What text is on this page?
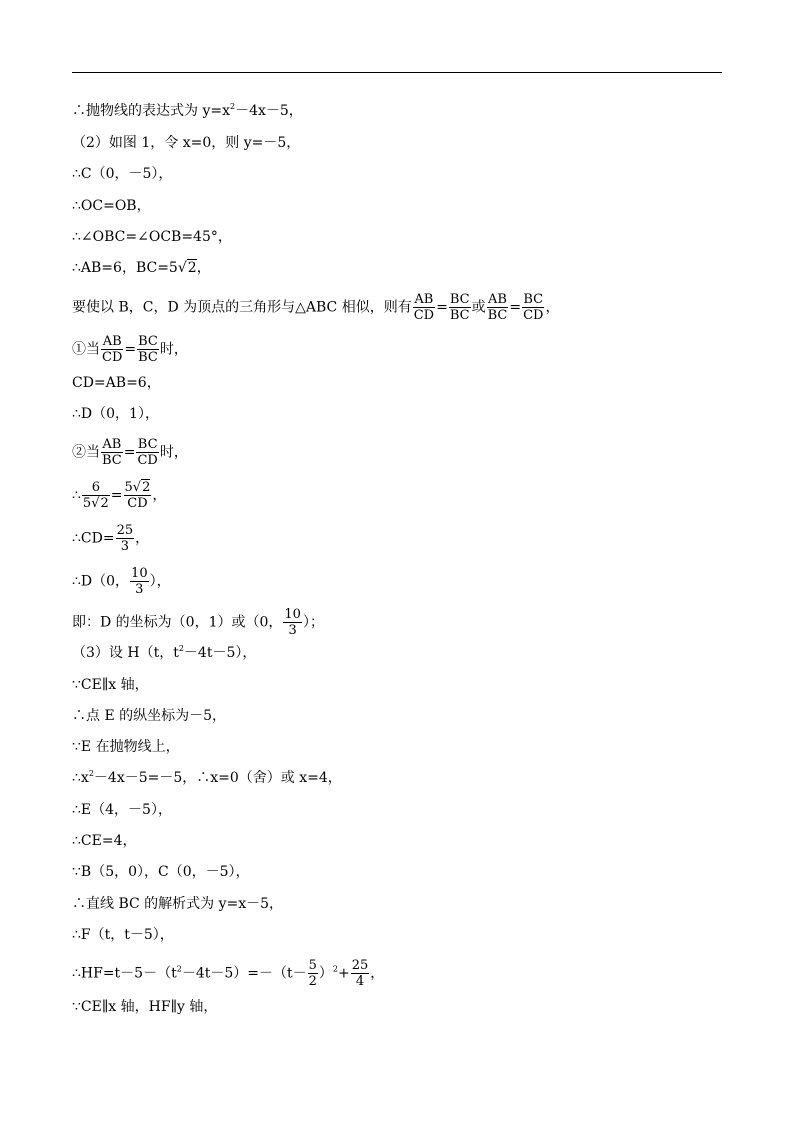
∴抛物线的表达式为 $y=x^2-4x-5$，
（2）如图 1，令 x=0，则 y=－5，
∴C（0，－5），
∴OC=OB，
∴∠OBC=∠OCB=45°，
∴AB=6，BC=5√2，
要使以 B，C，D 为顶点的三角形与△ABC 相似，则有 $\frac{AB}{CD} = \frac{BC}{BC}$ 或 $\frac{AB}{BC} = \frac{BC}{CD}$ ，
①当 $\frac{AB}{CD} = \frac{BC}{BC}$ 时，
CD=AB=6，
∴D（0，1），
②当 $\frac{AB}{BC} = \frac{BC}{CD}$ 时，
∴ $\frac{6}{5√2} = \frac{5√2}{CD}$ ，
∴CD= $\frac{25}{3}$ ，
∴D（0， $\frac{10}{3}$ ），
即：D 的坐标为（0，1）或（0， $\frac{10}{3}$ ）；
（3）设 H（t，$t^2-4t-5$），
∵CE∥x 轴，
∴点 E 的纵坐标为－5，
∵E 在抛物线上，
$\therefore x^2-4x-5=-5$，∴x=0（舍）或 x=4，
∴E（4，－5），
∴CE=4，
∵B（5，0），C（0，－5），
∴直线 BC 的解析式为 y=x－5，
∴F（t，t－5），
$\therefore HF=t-5-(t^2-4t-5)=-(t- \frac{5}{2} )^2+ \frac{25}{4}$ ，
∵CE∥x 轴，HF∥y 轴，
